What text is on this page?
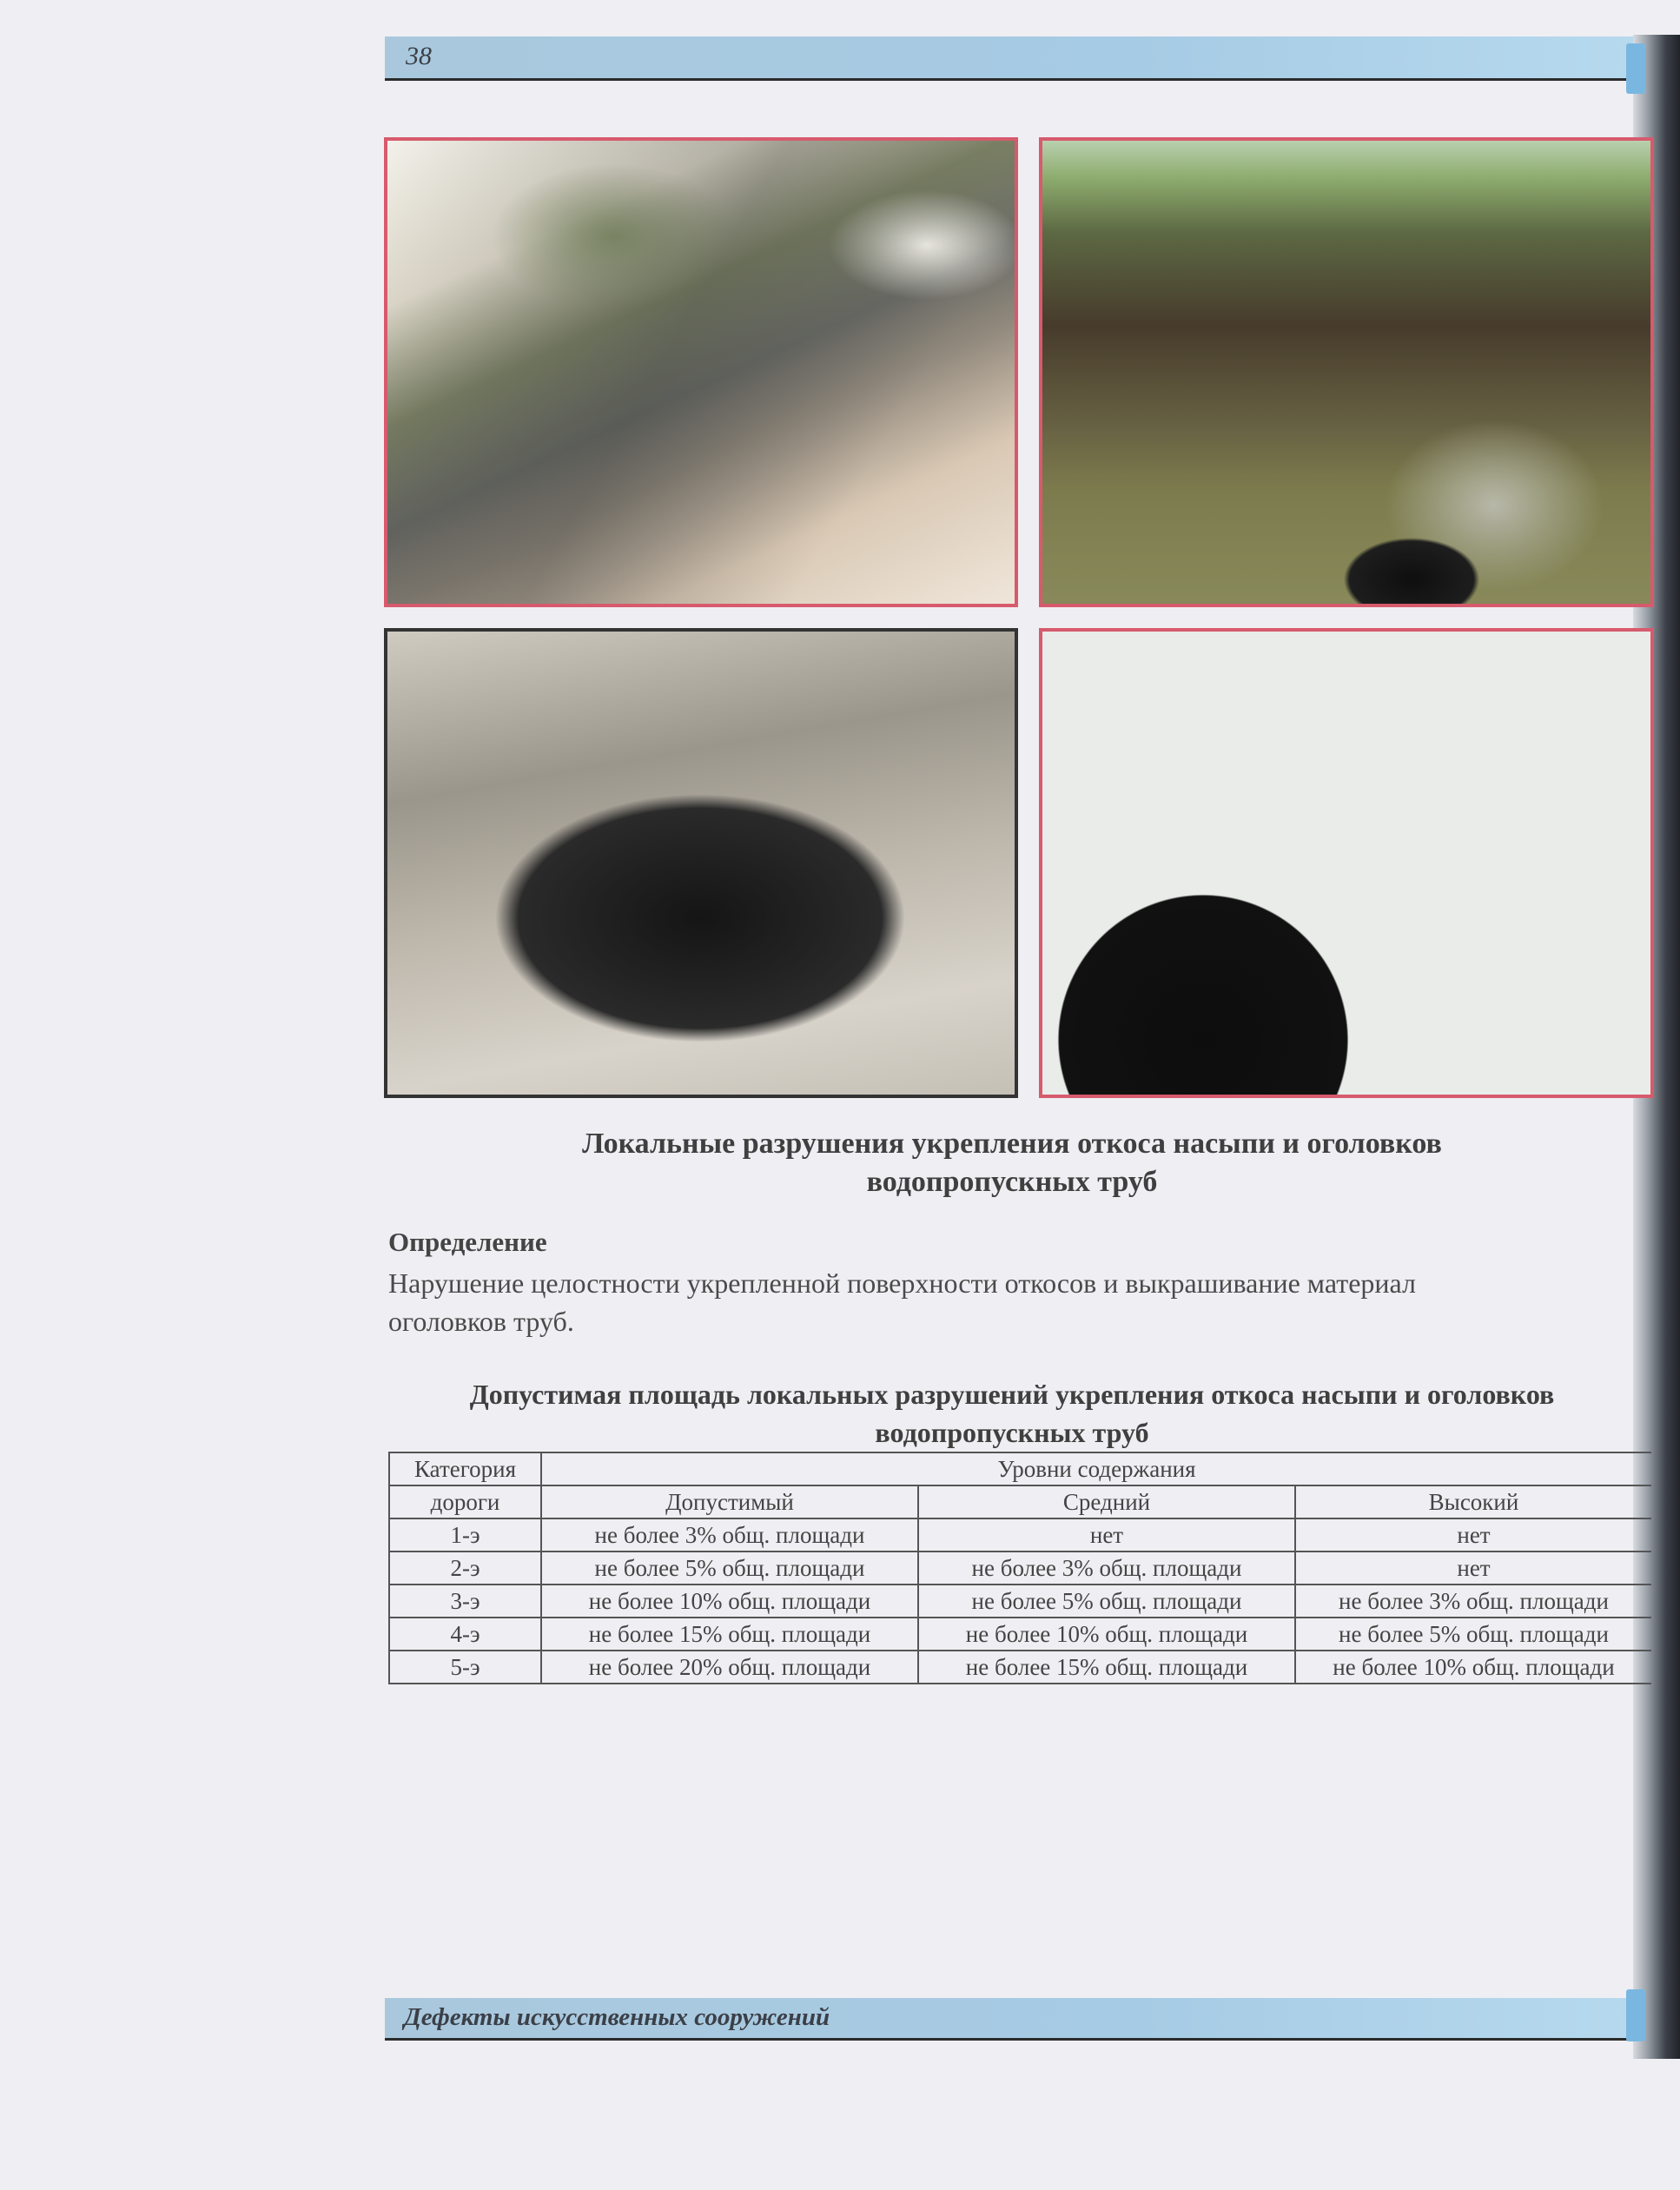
38
Локальные разрушения укрепления откоса насыпи и оголовков
водопропускных труб
Определение
Нарушение целостности укрепленной поверхности откосов и выкрашивание материал
оголовков труб.
Допустимая площадь локальных разрушений укрепления откоса насыпи и оголовков
водопропускных труб
Категория	Уровни содержания		
дороги	Допустимый	Средний	Высокий
1-э	не более 3% общ. площади	нет	нет
2-э	не более 5% общ. площади	не более 3% общ. площади	нет
3-э	не более 10% общ. площади	не более 5% общ. площади	не более 3% общ. площади
4-э	не более 15% общ. площади	не более 10% общ. площади	не более 5% общ. площади
5-э	не более 20% общ. площади	не более 15% общ. площади	не более 10% общ. площади
Дефекты искусственных сооружений
